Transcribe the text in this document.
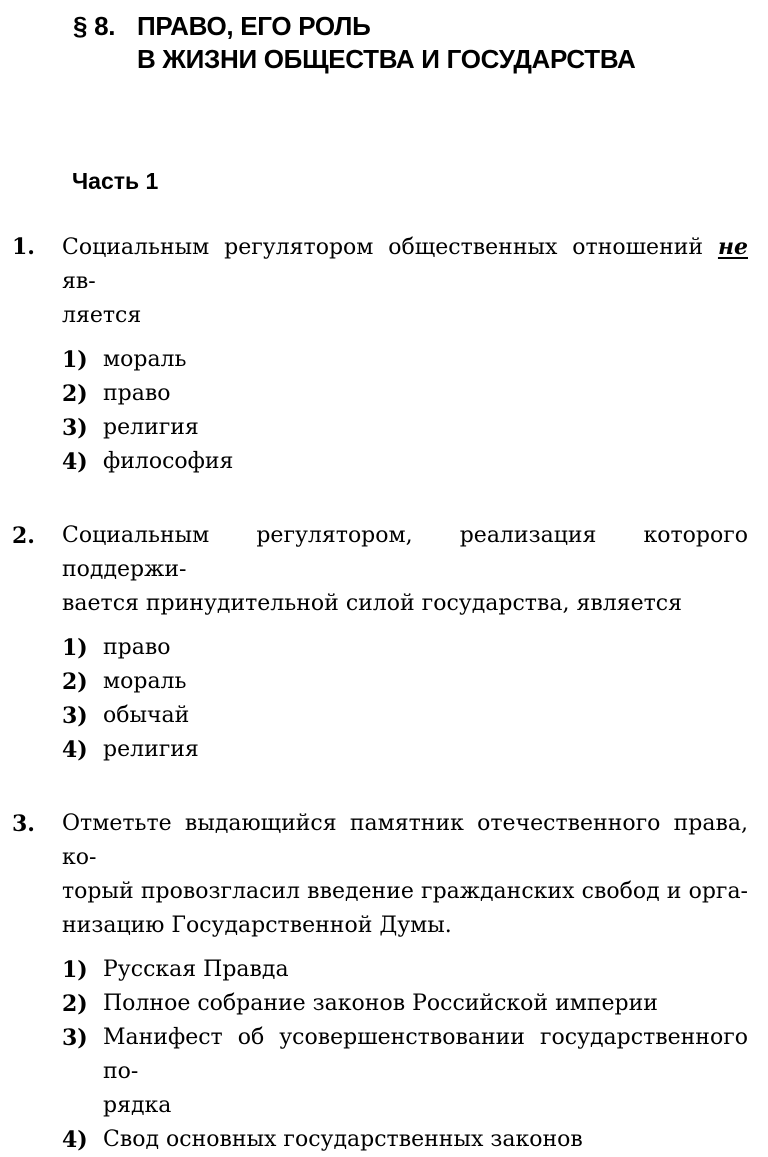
§ 8. ПРАВО, ЕГО РОЛЬ
В ЖИЗНИ ОБЩЕСТВА И ГОСУДАРСТВА
Часть 1
1.	Социальным регулятором общественных отношений не яв-
ляется
1) мораль
2) право
3) религия
4) философия
2.	Социальным регулятором, реализация которого поддержи-
вается принудительной силой государства, является
1) право
2) мораль
3) обычай
4) религия
3.	Отметьте выдающийся памятник отечественного права, ко-
торый провозгласил введение гражданских свобод и орга-
низацию Государственной Думы.
1) Русская Правда
2) Полное собрание законов Российской империи
3) Манифест об усовершенствовании государственного по-
рядка
4) Свод основных государственных законов
